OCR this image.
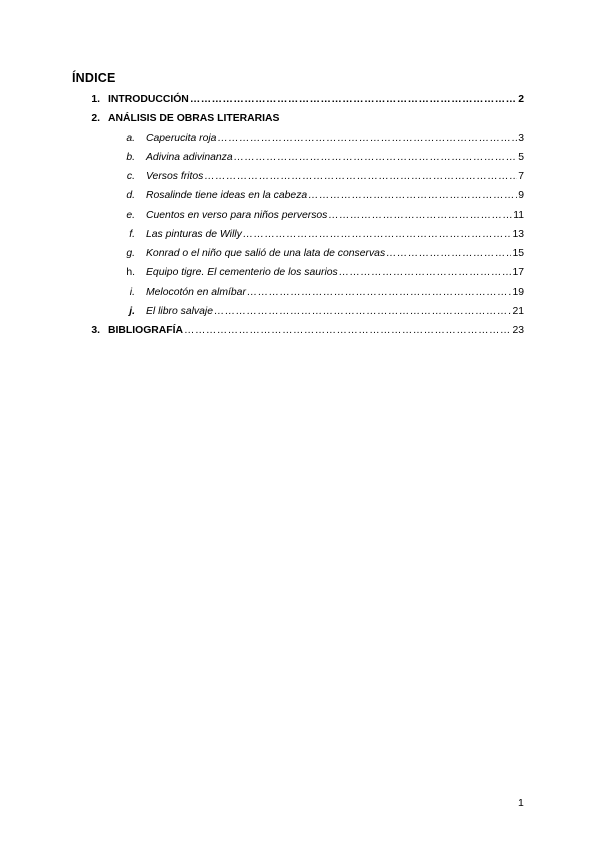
ÍNDICE
1. INTRODUCCIÓN ……………………………………………………………………………………………………………………………………………………………………	2
2. ANÁLISIS DE OBRAS LITERARIAS
a. Caperucita roja ……………………………………………………………………………………………………………………………………………………………………	3
b. Adivina adivinanza ……………………………………………………………………………………………………………………………………………………………………	5
c. Versos fritos ……………………………………………………………………………………………………………………………………………………………………	7
d. Rosalinde tiene ideas en la cabeza ……………………………………………………………………………………………………………………………………………………………………	9
e. Cuentos en verso para niños perversos ……………………………………………………………………………………………………………………………………………………………………	11
f. Las pinturas de Willy ……………………………………………………………………………………………………………………………………………………………………	13
g. Konrad o el niño que salió de una lata de conservas ……………………………………………………………………………………………………………………………………………………………………	15
h. Equipo tigre. El cementerio de los saurios ……………………………………………………………………………………………………………………………………………………………………	17
i. Melocotón en almíbar ……………………………………………………………………………………………………………………………………………………………………	19
j. El libro salvaje ……………………………………………………………………………………………………………………………………………………………………	21
3. BIBLIOGRAFÍA ……………………………………………………………………………………………………………………………………………………………………	23
1
